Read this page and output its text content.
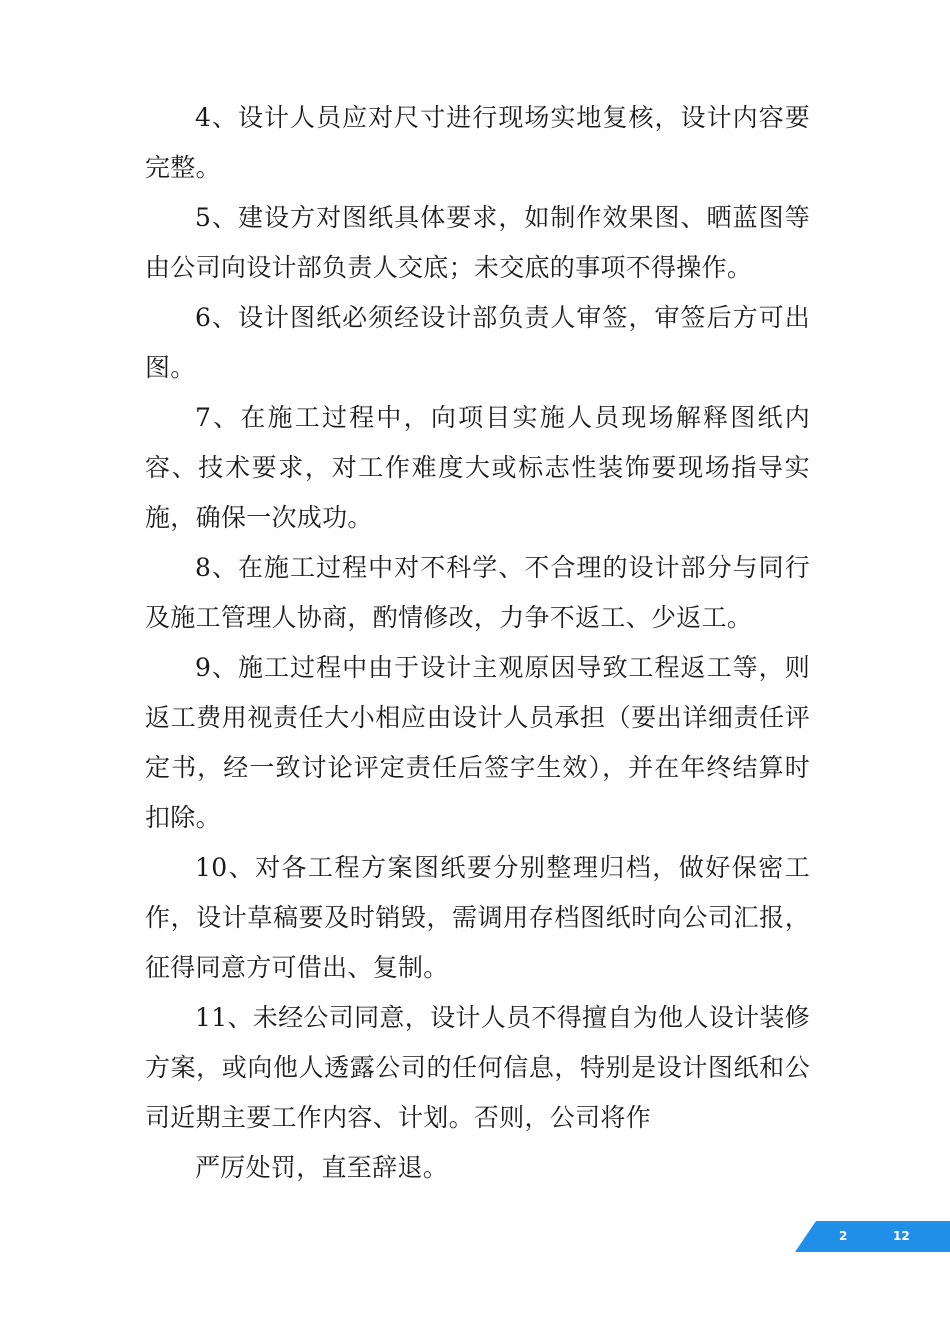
4、设计人员应对尺寸进行现场实地复核，设计内容要完整。

5、建设方对图纸具体要求，如制作效果图、晒蓝图等由公司向设计部负责人交底；未交底的事项不得操作。

6、设计图纸必须经设计部负责人审签，审签后方可出图。

7、在施工过程中，向项目实施人员现场解释图纸内容、技术要求，对工作难度大或标志性装饰要现场指导实施，确保一次成功。

8、在施工过程中对不科学、不合理的设计部分与同行及施工管理人协商，酌情修改，力争不返工、少返工。

9、施工过程中由于设计主观原因导致工程返工等，则返工费用视责任大小相应由设计人员承担（要出详细责任评定书，经一致讨论评定责任后签字生效），并在年终结算时扣除。

10、对各工程方案图纸要分别整理归档，做好保密工作，设计草稿要及时销毁，需调用存档图纸时向公司汇报，征得同意方可借出、复制。

11、未经公司同意，设计人员不得擅自为他人设计装修方案，或向他人透露公司的任何信息，特别是设计图纸和公司近期主要工作内容、计划。否则，公司将作

严厉处罚，直至辞退。

2	12
